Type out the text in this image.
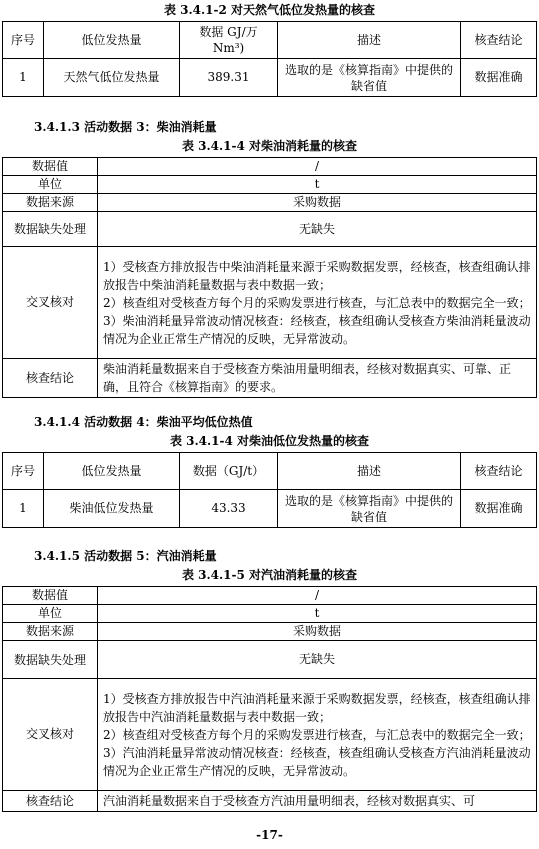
表 3.4.1-2 对天然气低位发热量的核查
序号	低位发热量	数据 GJ/万 Nm³)	描述	核查结论
1	天然气低位发热量	389.31	选取的是《核算指南》中提供的缺省值	数据准确
3.4.1.3 活动数据 3：柴油消耗量
表 3.4.1-4 对柴油消耗量的核查
数据值	/
单位	t
数据来源	采购数据
数据缺失处理	无缺失
交叉核对	1）受核查方排放报告中柴油消耗量来源于采购数据发票，经核查，核查组确认排放报告中柴油消耗量数据与表中数据一致；
2）核查组对受核查方每个月的采购发票进行核查，与汇总表中的数据完全一致；
3）柴油消耗量异常波动情况核查：经核查，核查组确认受核查方柴油消耗量波动情况为企业正常生产情况的反映，无异常波动。

核查结论	柴油消耗量数据来自于受核查方柴油用量明细表，经核对数据真实、可靠、正确，且符合《核算指南》的要求。
3.4.1.4 活动数据 4：柴油平均低位热值
表 3.4.1-4 对柴油低位发热量的核查
序号	低位发热量	数据（GJ/t）	描述	核查结论
1	柴油低位发热量	43.33	选取的是《核算指南》中提供的缺省值	数据准确
3.4.1.5 活动数据 5：汽油消耗量
表 3.4.1-5 对汽油消耗量的核查
数据值	/
单位	t
数据来源	采购数据
数据缺失处理	无缺失
交叉核对	1）受核查方排放报告中汽油消耗量来源于采购数据发票，经核查，核查组确认排放报告中汽油消耗量数据与表中数据一致；
2）核查组对受核查方每个月的采购发票进行核查，与汇总表中的数据完全一致；
3）汽油消耗量异常波动情况核查：经核查，核查组确认受核查方汽油消耗量波动情况为企业正常生产情况的反映，无异常波动。

核查结论	汽油消耗量数据来自于受核查方汽油用量明细表，经核对数据真实、可
-17-
